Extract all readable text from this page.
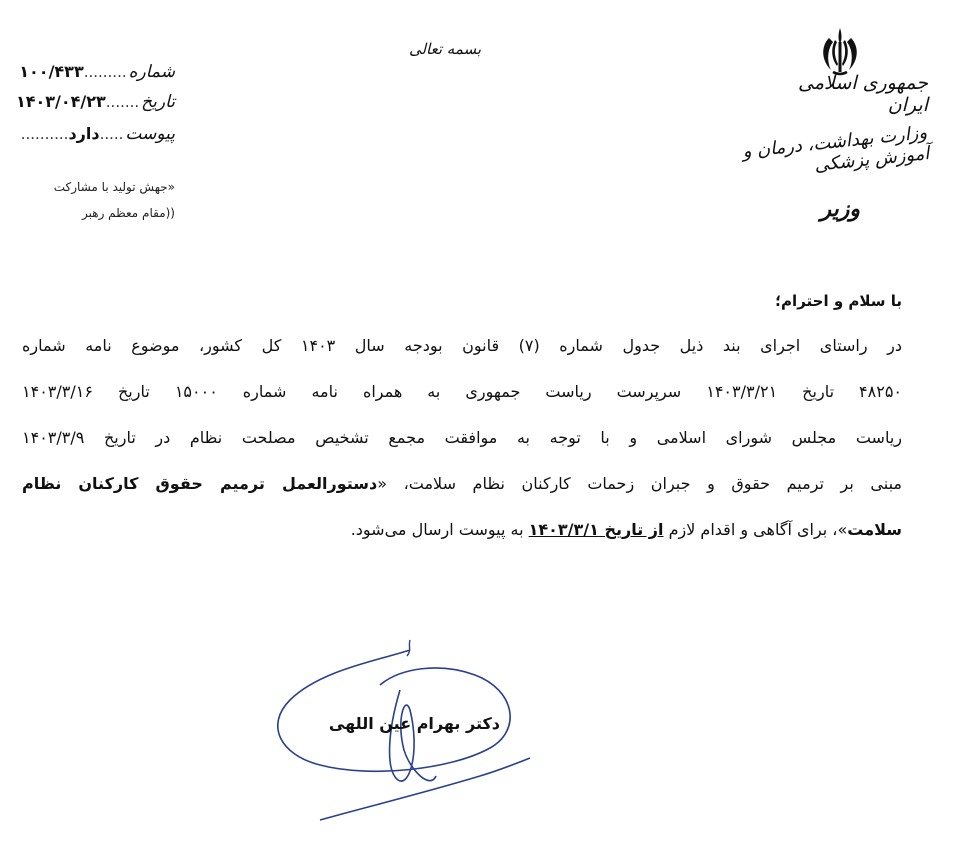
جمهوری اسلامی ایران
وزارت بهداشت، درمان و آموزش پزشکی
وزیر
بسمه تعالی
شماره.........۱۰۰/۴۳۳
تاریخ.......۱۴۰۳/۰۴/۲۳
پیوست.....دارد..........
«جهش تولید با مشارکت
((مقام معظم رهبر
با سلام و احترام؛
در راستای اجرای بند ذیل جدول شماره (۷) قانون بودجه سال ۱۴۰۳ کل کشور، موضوع نامه شماره
۴۸۲۵۰ تاریخ ۱۴۰۳/۳/۲۱ سرپرست ریاست جمهوری به همراه نامه شماره ۱۵۰۰۰ تاریخ ۱۴۰۳/۳/۱۶
ریاست مجلس شورای اسلامی و با توجه به موافقت مجمع تشخیص مصلحت نظام در تاریخ ۱۴۰۳/۳/۹
مبنی بر ترمیم حقوق و جبران زحمات کارکنان نظام سلامت، «دستورالعمل ترمیم حقوق کارکنان نظام
سلامت»، برای آگاهی و اقدام لازم از تاریخ ۱۴۰۳/۳/۱ به پیوست ارسال می‌شود.
دکتر بهرام عین اللهی
